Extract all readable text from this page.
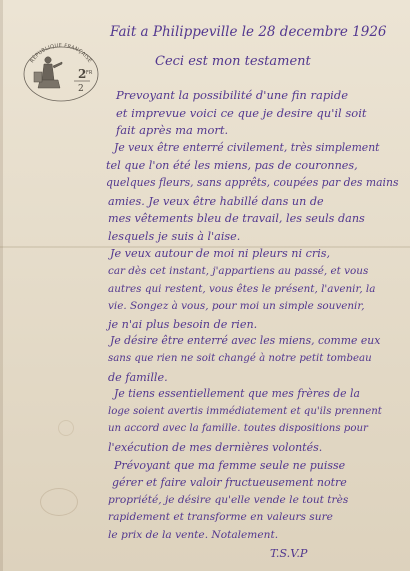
RÉPUBLIQUE FRANÇAISE
2 FR
2
Fait a Philippeville le 28 decembre 1926
Ceci est mon testament
Prevoyant la possibilité d'une fin rapide
et imprevue voici ce que je desire qu'il soit
fait après ma mort.
Je veux être enterré civilement, très simplement
tel que l'on été les miens, pas de couronnes,
quelques fleurs, sans apprêts, coupées par des mains
amies. Je veux être habillé dans un de
mes vêtements bleu de travail, les seuls dans
lesquels je suis à l'aise.
Je veux autour de moi ni pleurs ni cris,
car dès cet instant, j'appartiens au passé, et vous
autres qui restent, vous êtes le présent, l'avenir, la
vie. Songez à vous, pour moi un simple souvenir,
je n'ai plus besoin de rien.
Je désire être enterré avec les miens, comme eux
sans que rien ne soit changé à notre petit tombeau
de famille.
Je tiens essentiellement que mes frères de la
loge soient avertis immédiatement et qu'ils prennent
un accord avec la famille. toutes dispositions pour
l'exécution de mes dernières volontés.
Prévoyant que ma femme seule ne puisse
gérer et faire valoir fructueusement notre
propriété, je désire qu'elle vende le tout très
rapidement et transforme en valeurs sure
le prix de la vente. Notalement.
T.S.V.P
